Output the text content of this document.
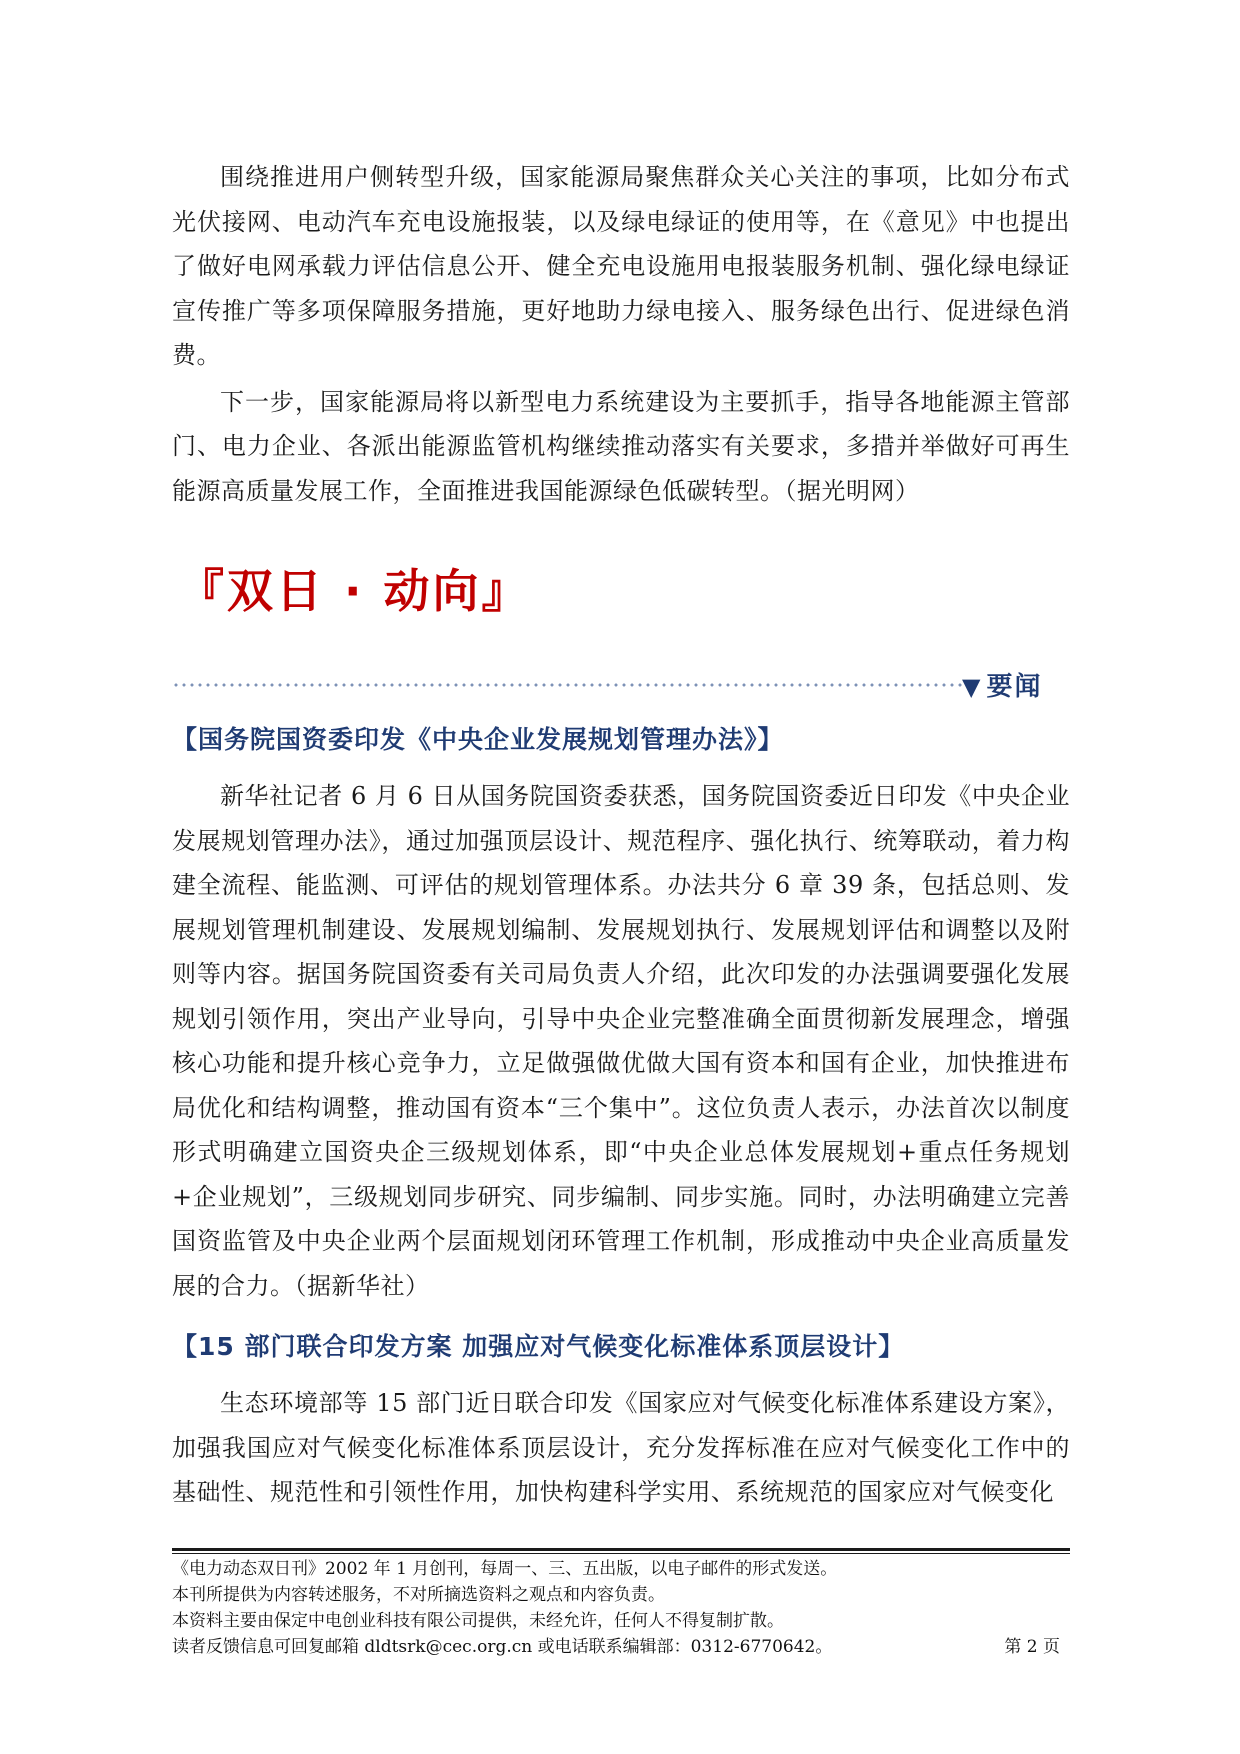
围绕推进用户侧转型升级，国家能源局聚焦群众关心关注的事项，比如分布式光伏接网、电动汽车充电设施报装，以及绿电绿证的使用等，在《意见》中也提出了做好电网承载力评估信息公开、健全充电设施用电报装服务机制、强化绿电绿证宣传推广等多项保障服务措施，更好地助力绿电接入、服务绿色出行、促进绿色消费。

下一步，国家能源局将以新型电力系统建设为主要抓手，指导各地能源主管部门、电力企业、各派出能源监管机构继续推动落实有关要求，多措并举做好可再生能源高质量发展工作，全面推进我国能源绿色低碳转型。（据光明网）

『双日 · 动向』
▼ 要闻
【国务院国资委印发《中央企业发展规划管理办法》】

新华社记者 6 月 6 日从国务院国资委获悉，国务院国资委近日印发《中央企业发展规划管理办法》，通过加强顶层设计、规范程序、强化执行、统筹联动，着力构建全流程、能监测、可评估的规划管理体系。办法共分 6 章 39 条，包括总则、发展规划管理机制建设、发展规划编制、发展规划执行、发展规划评估和调整以及附则等内容。据国务院国资委有关司局负责人介绍，此次印发的办法强调要强化发展规划引领作用，突出产业导向，引导中央企业完整准确全面贯彻新发展理念，增强核心功能和提升核心竞争力，立足做强做优做大国有资本和国有企业，加快推进布局优化和结构调整，推动国有资本“三个集中”。这位负责人表示，办法首次以制度形式明确建立国资央企三级规划体系，即“中央企业总体发展规划+重点任务规划+企业规划”，三级规划同步研究、同步编制、同步实施。同时，办法明确建立完善国资监管及中央企业两个层面规划闭环管理工作机制，形成推动中央企业高质量发展的合力。（据新华社）

【15 部门联合印发方案 加强应对气候变化标准体系顶层设计】

生态环境部等 15 部门近日联合印发《国家应对气候变化标准体系建设方案》，加强我国应对气候变化标准体系顶层设计，充分发挥标准在应对气候变化工作中的基础性、规范性和引领性作用，加快构建科学实用、系统规范的国家应对气候变化

《电力动态双日刊》2002 年 1 月创刊，每周一、三、五出版，以电子邮件的形式发送。
本刊所提供为内容转述服务，不对所摘选资料之观点和内容负责。
本资料主要由保定中电创业科技有限公司提供，未经允许，任何人不得复制扩散。
读者反馈信息可回复邮箱 dldtsrk@cec.org.cn 或电话联系编辑部：0312-6770642。	第 2 页
